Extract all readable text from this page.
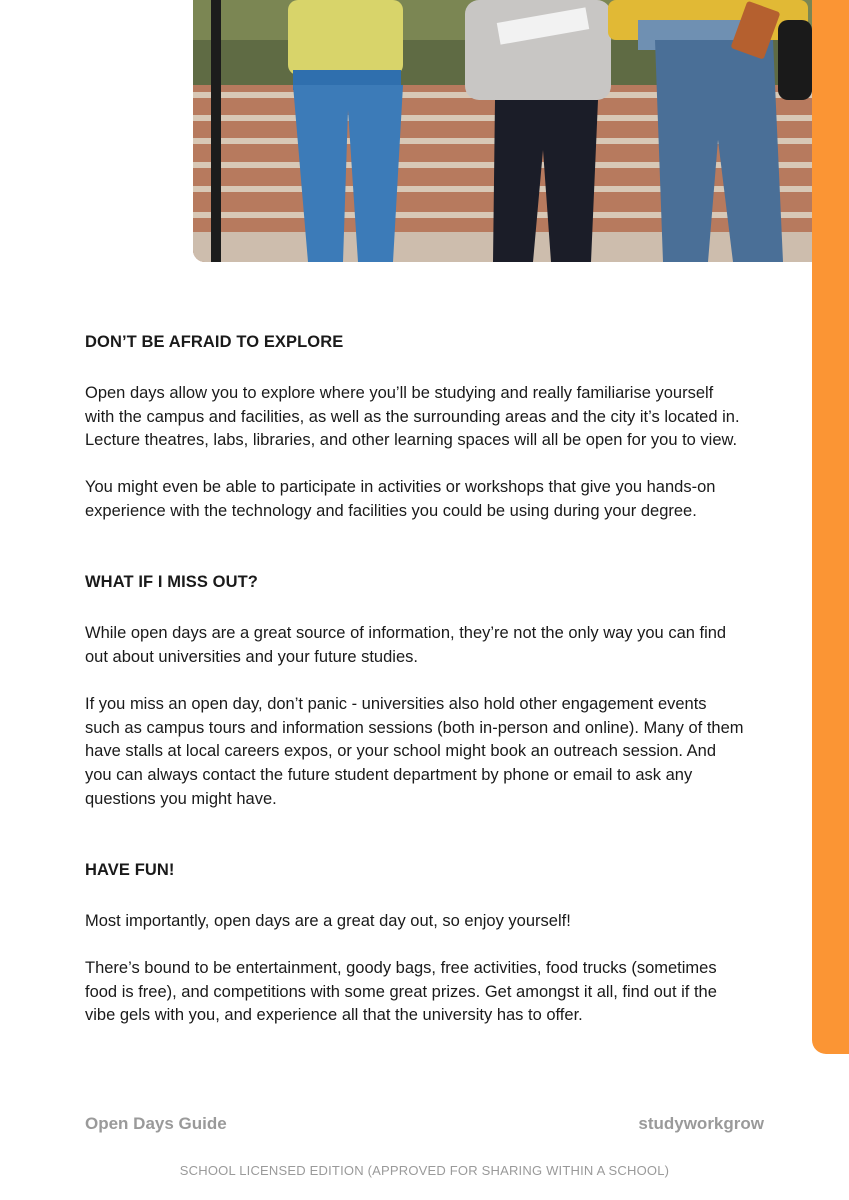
DON’T BE AFRAID TO EXPLORE

Open days allow you to explore where you’ll be studying and really familiarise yourself with the campus and facilities, as well as the surrounding areas and the city it’s located in. Lecture theatres, labs, libraries, and other learning spaces will all be open for you to view.

You might even be able to participate in activities or workshops that give you hands-on experience with the technology and facilities you could be using during your degree.

WHAT IF I MISS OUT?

While open days are a great source of information, they’re not the only way you can find out about universities and your future studies.

If you miss an open day, don’t panic - universities also hold other engagement events such as campus tours and information sessions (both in-person and online). Many of them have stalls at local careers expos, or your school might book an outreach session. And you can always contact the future student department by phone or email to ask any questions you might have.

HAVE FUN!

Most importantly, open days are a great day out, so enjoy yourself!

There’s bound to be entertainment, goody bags, free activities, food trucks (sometimes food is free), and competitions with some great prizes. Get amongst it all, find out if the vibe gels with you, and experience all that the university has to offer.

Open Days Guide	studyworkgrow
SCHOOL LICENSED EDITION (APPROVED FOR SHARING WITHIN A SCHOOL)
